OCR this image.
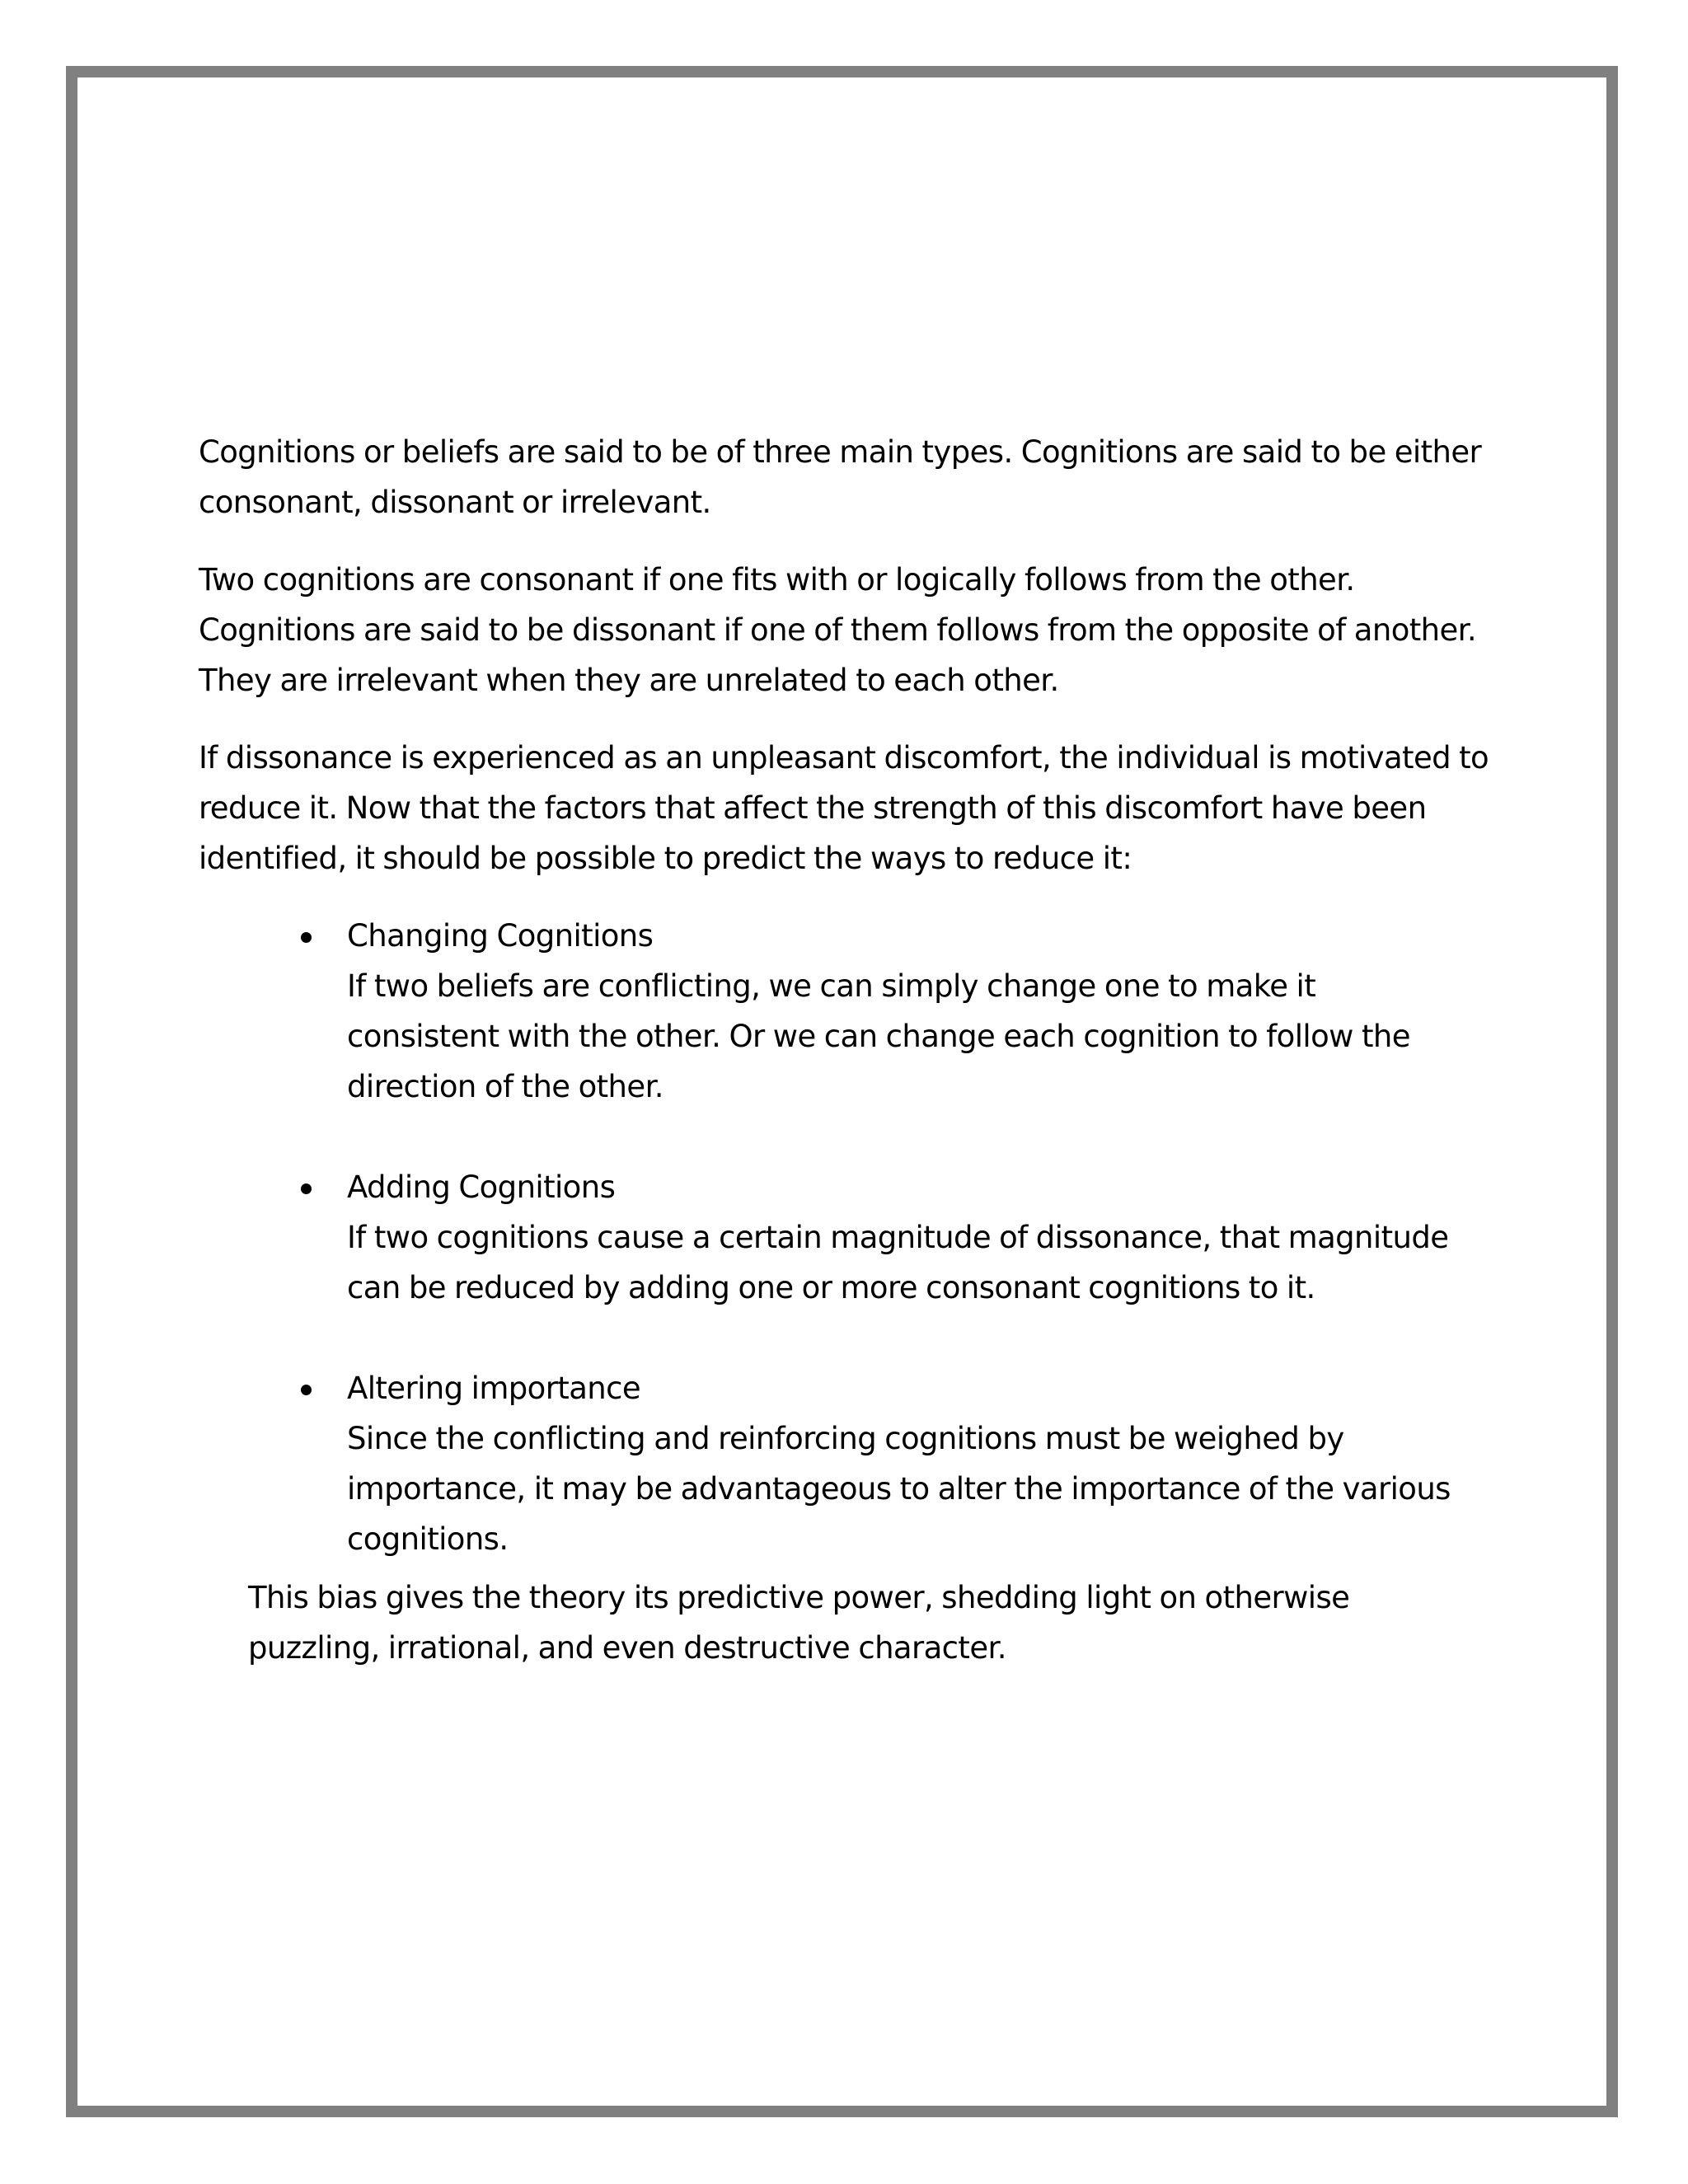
Cognitions or beliefs are said to be of three main types. Cognitions are said to be either consonant, dissonant or irrelevant.

Two cognitions are consonant if one fits with or logically follows from the other. Cognitions are said to be dissonant if one of them follows from the opposite of another. They are irrelevant when they are unrelated to each other.

If dissonance is experienced as an unpleasant discomfort, the individual is motivated to reduce it. Now that the factors that affect the strength of this discomfort have been identified, it should be possible to predict the ways to reduce it:

Changing Cognitions
If two beliefs are conflicting, we can simply change one to make it consistent with the other. Or we can change each cognition to follow the direction of the other.
Adding Cognitions
If two cognitions cause a certain magnitude of dissonance, that magnitude can be reduced by adding one or more consonant cognitions to it.
Altering importance
Since the conflicting and reinforcing cognitions must be weighed by importance, it may be advantageous to alter the importance of the various cognitions.

This bias gives the theory its predictive power, shedding light on otherwise puzzling, irrational, and even destructive character.
